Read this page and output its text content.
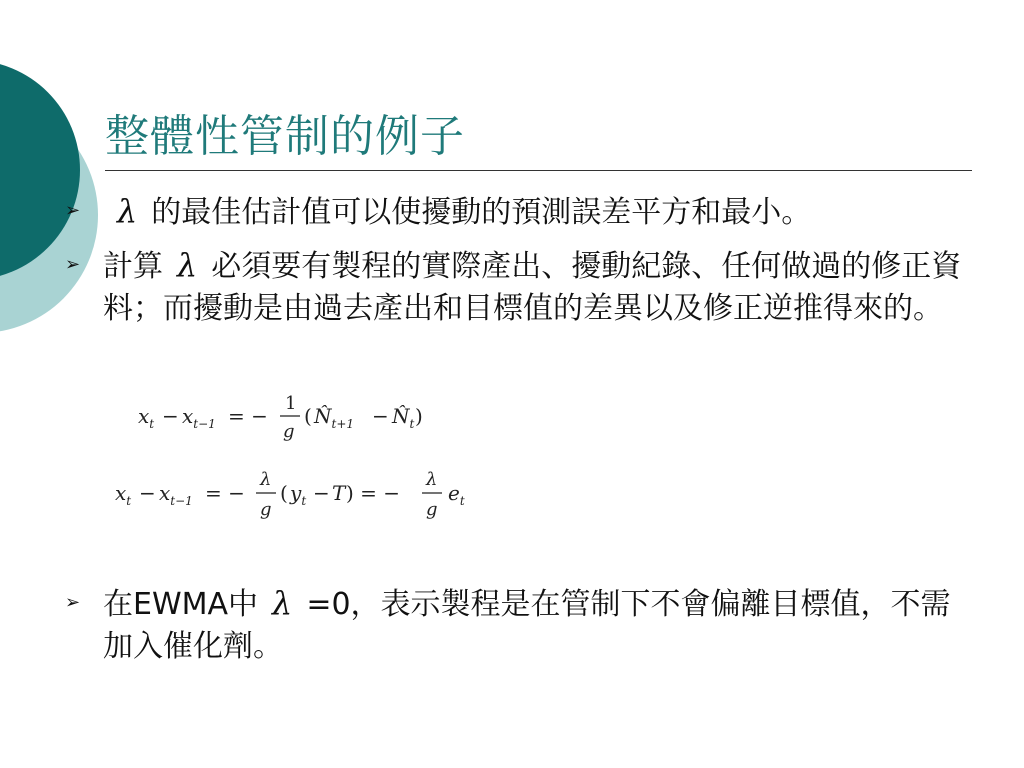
整體性管制的例子
➢ λ 的最佳估計值可以使擾動的預測誤差平方和最小。
➢ 計算 λ 必須要有製程的實際產出、擾動紀錄、任何做過的修正資料；而擾動是由過去產出和目標值的差異以及修正逆推得來的。
$x_t - x_{t-1}$ = −
1
g
( $N̂_{t+1}$ − $N̂_t$ )
$x_t - x_{t-1}$ = −
λ
g
( $y_t - T$ ) = −
λ
g
$e_t$
➢ 在EWMA中 λ =0，表示製程是在管制下不會偏離目標值，不需加入催化劑。
